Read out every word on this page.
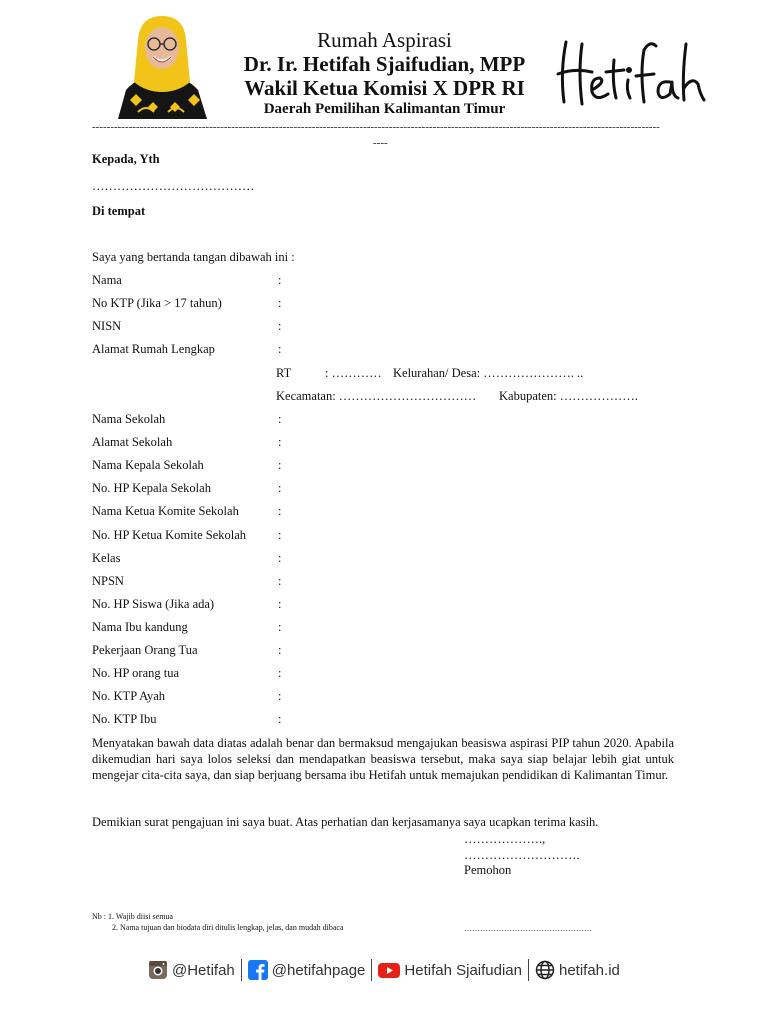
Rumah Aspirasi
Dr. Ir. Hetifah Sjaifudian, MPP
Wakil Ketua Komisi X DPR RI
Daerah Pemilihan Kalimantan Timur
-----------------------------------------------------------------------------------------------------------------------------------------------------------
----
Kepada, Yth
…………………………………
Di tempat
Saya yang bertanda tangan dibawah ini :
Nama	:
No KTP (Jika > 17 tahun)	:
NISN	:
Alamat Rumah Lengkap	:
RT	: ………… Kelurahan/ Desa: …………………. ..
Kecamatan: …………………………… Kabupaten: ……………….
Nama Sekolah	:
Alamat Sekolah	:
Nama Kepala Sekolah	:
No. HP Kepala Sekolah	:
Nama Ketua Komite Sekolah	:
No. HP Ketua Komite Sekolah	:
Kelas	:
NPSN	:
No. HP Siswa (Jika ada)	:
Nama Ibu kandung	:
Pekerjaan Orang Tua	:
No. HP orang tua	:
No. KTP Ayah	:
No. KTP Ibu	:
Menyatakan bawah data diatas adalah benar dan bermaksud mengajukan beasiswa aspirasi PIP tahun 2020. Apabila dikemudian hari saya lolos seleksi dan mendapatkan beasiswa tersebut, maka saya siap belajar lebih giat untuk mengejar cita-cita saya, dan siap berjuang bersama ibu Hetifah untuk memajukan pendidikan di Kalimantan Timur.
Demikian surat pengajuan ini saya buat. Atas perhatian dan kerjasamanya saya ucapkan terima kasih.
……………….,
……………………….
Pemohon
Nb : 1. Wajib diisi semua
2. Nama tujuan dan biodata diri ditulis lengkap, jelas, dan mudah dibaca	…………………………………………
@Hetifah @hetifahpage	Hetifah Sjaifudian hetifah.id
